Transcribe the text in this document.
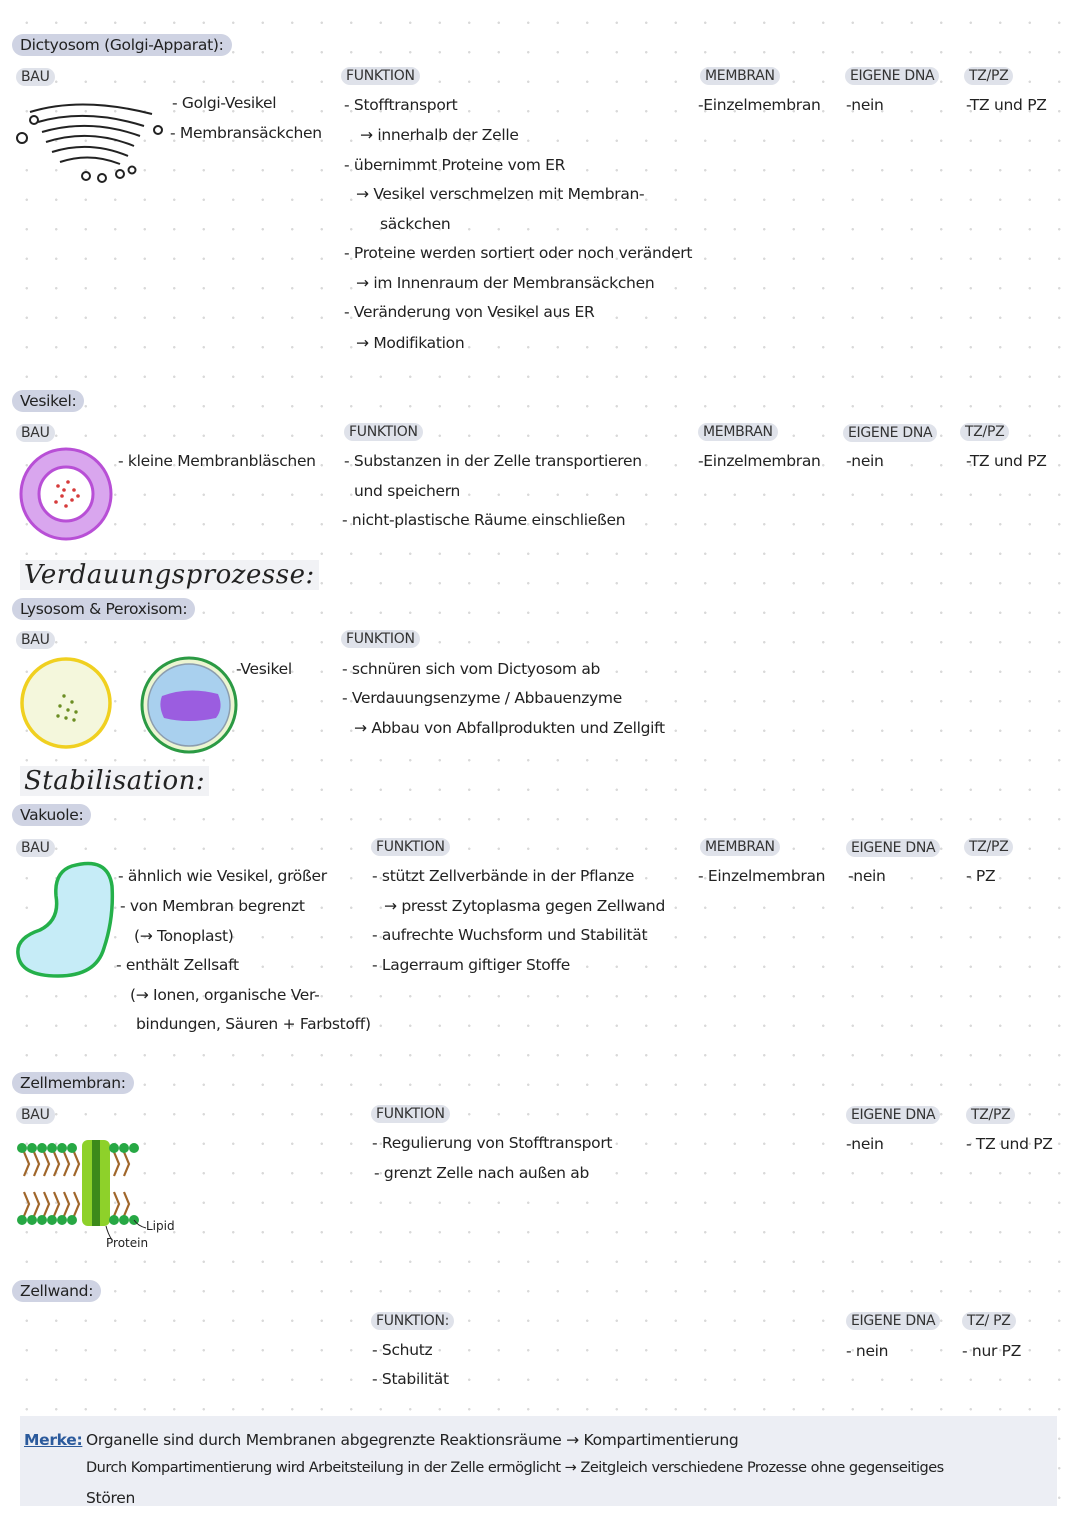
Dictyosom (Golgi-Apparat):
BAU
- Golgi-Vesikel
- Membransäckchen
FUNKTION
- Stofftransport
→ innerhalb der Zelle
- übernimmt Proteine vom ER
→ Vesikel verschmelzen mit Membran-
säckchen
- Proteine werden sortiert oder noch verändert
→ im Innenraum der Membransäckchen
- Veränderung von Vesikel aus ER
→ Modifikation
MEMBRAN
-Einzelmembran
EIGENE DNA
-nein
TZ/PZ
-TZ und PZ
Vesikel:
BAU
- kleine Membranbläschen
FUNKTION
- Substanzen in der Zelle transportieren
und speichern
- nicht-plastische Räume einschließen
MEMBRAN
-Einzelmembran
EIGENE DNA
-nein
TZ/PZ
-TZ und PZ
Verdauungsprozesse:
Lysosom & Peroxisom:
BAU
-Vesikel
FUNKTION
- schnüren sich vom Dictyosom ab
- Verdauungsenzyme / Abbauenzyme
→ Abbau von Abfallprodukten und Zellgift
Stabilisation:
Vakuole:
BAU
- ähnlich wie Vesikel, größer
- von Membran begrenzt
(→ Tonoplast)
- enthält Zellsaft
(→ Ionen, organische Ver-
bindungen, Säuren + Farbstoff)
FUNKTION
- stützt Zellverbände in der Pflanze
→ presst Zytoplasma gegen Zellwand
- aufrechte Wuchsform und Stabilität
- Lagerraum giftiger Stoffe
MEMBRAN
- Einzelmembran
EIGENE DNA
-nein
TZ/PZ
- PZ
Zellmembran:
BAU
Lipid
Protein
FUNKTION
- Regulierung von Stofftransport
- grenzt Zelle nach außen ab
EIGENE DNA
-nein
TZ/PZ
- TZ und PZ
Zellwand:
FUNKTION:
- Schutz
- Stabilität
EIGENE DNA
- nein
TZ/ PZ
- nur PZ
Merke: Organelle sind durch Membranen abgegrenzte Reaktionsräume → Kompartimentierung
Durch Kompartimentierung wird Arbeitsteilung in der Zelle ermöglicht → Zeitgleich verschiedene Prozesse ohne gegenseitiges
Stören
